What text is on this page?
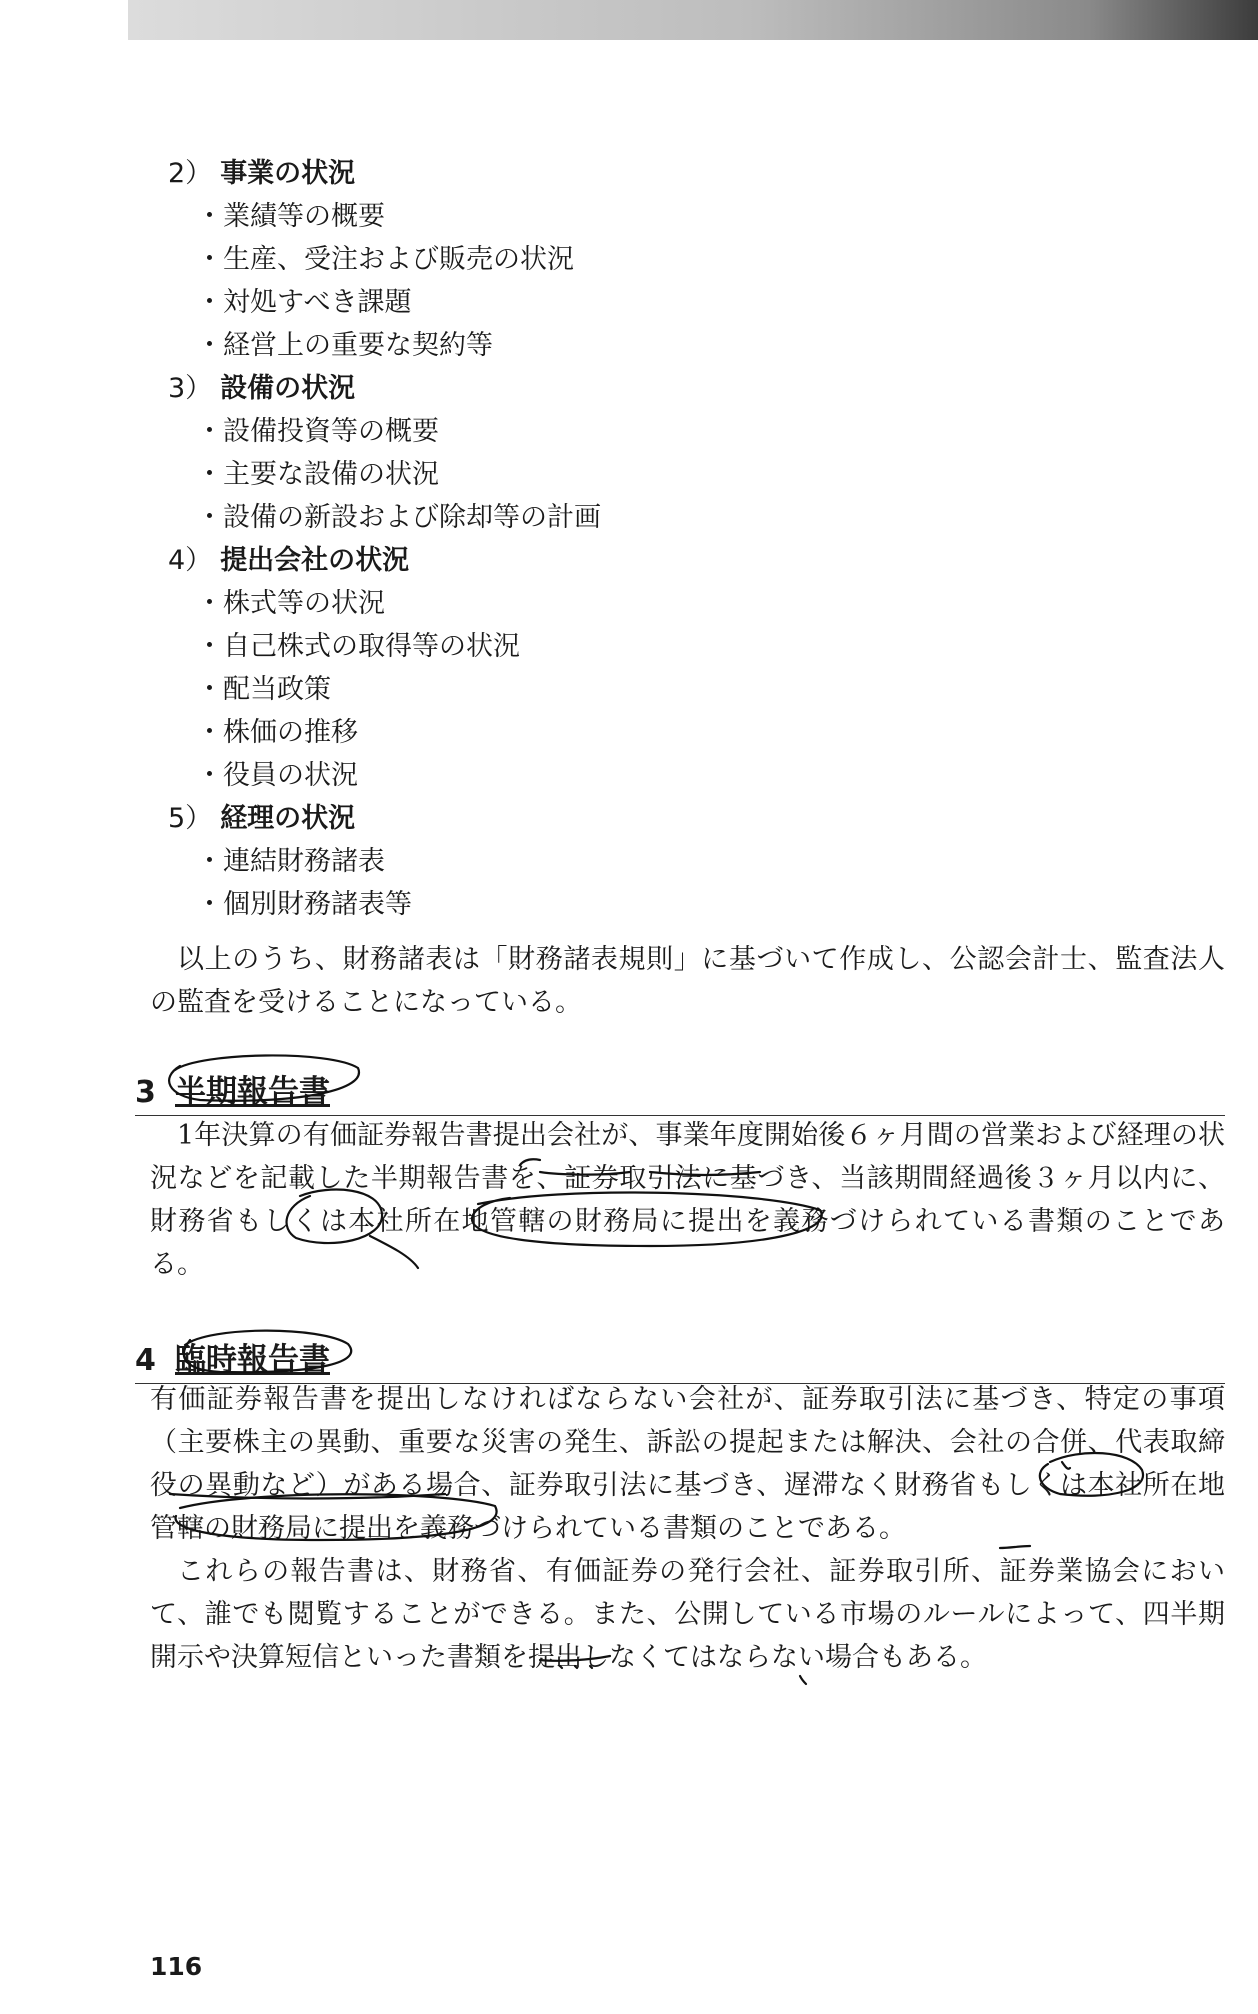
2） 事業の状況
・業績等の概要
・生産、受注および販売の状況
・対処すべき課題
・経営上の重要な契約等
3） 設備の状況
・設備投資等の概要
・主要な設備の状況
・設備の新設および除却等の計画
4） 提出会社の状況
・株式等の状況
・自己株式の取得等の状況
・配当政策
・株価の推移
・役員の状況
5） 経理の状況
・連結財務諸表
・個別財務諸表等

以上のうち、財務諸表は「財務諸表規則」に基づいて作成し、公認会計士、監査法人の監査を受けることになっている。

3 半期報告書

1年決算の有価証券報告書提出会社が、事業年度開始後６ヶ月間の営業および経理の状況などを記載した半期報告書を、証券取引法に基づき、当該期間経過後３ヶ月以内に、財務省もしくは本社所在地管轄の財務局に提出を義務づけられている書類のことである。

4 臨時報告書

有価証券報告書を提出しなければならない会社が、証券取引法に基づき、特定の事項（主要株主の異動、重要な災害の発生、訴訟の提起または解決、会社の合併、代表取締役の異動など）がある場合、証券取引法に基づき、遅滞なく財務省もしくは本社所在地管轄の財務局に提出を義務づけられている書類のことである。

これらの報告書は、財務省、有価証券の発行会社、証券取引所、証券業協会において、誰でも閲覧することができる。また、公開している市場のルールによって、四半期開示や決算短信といった書類を提出しなくてはならない場合もある。

116
